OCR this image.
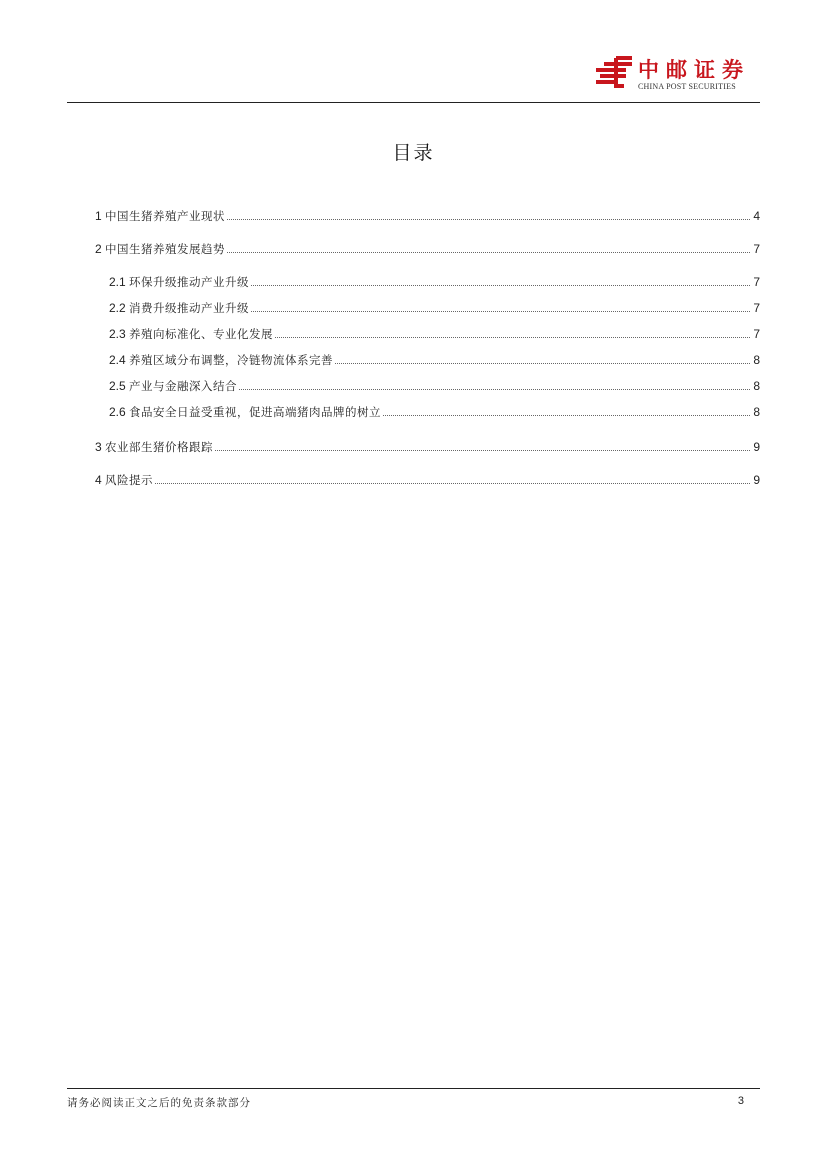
中邮证券
CHINA POST SECURITIES
目录
1 中国生猪养殖产业现状	4
2 中国生猪养殖发展趋势	7
2.1 环保升级推动产业升级	7
2.2 消费升级推动产业升级	7
2.3 养殖向标准化、专业化发展	7
2.4 养殖区域分布调整，冷链物流体系完善	8
2.5 产业与金融深入结合	8
2.6 食品安全日益受重视，促进高端猪肉品牌的树立	8
3 农业部生猪价格跟踪	9
4 风险提示	9
请务必阅读正文之后的免责条款部分	3
